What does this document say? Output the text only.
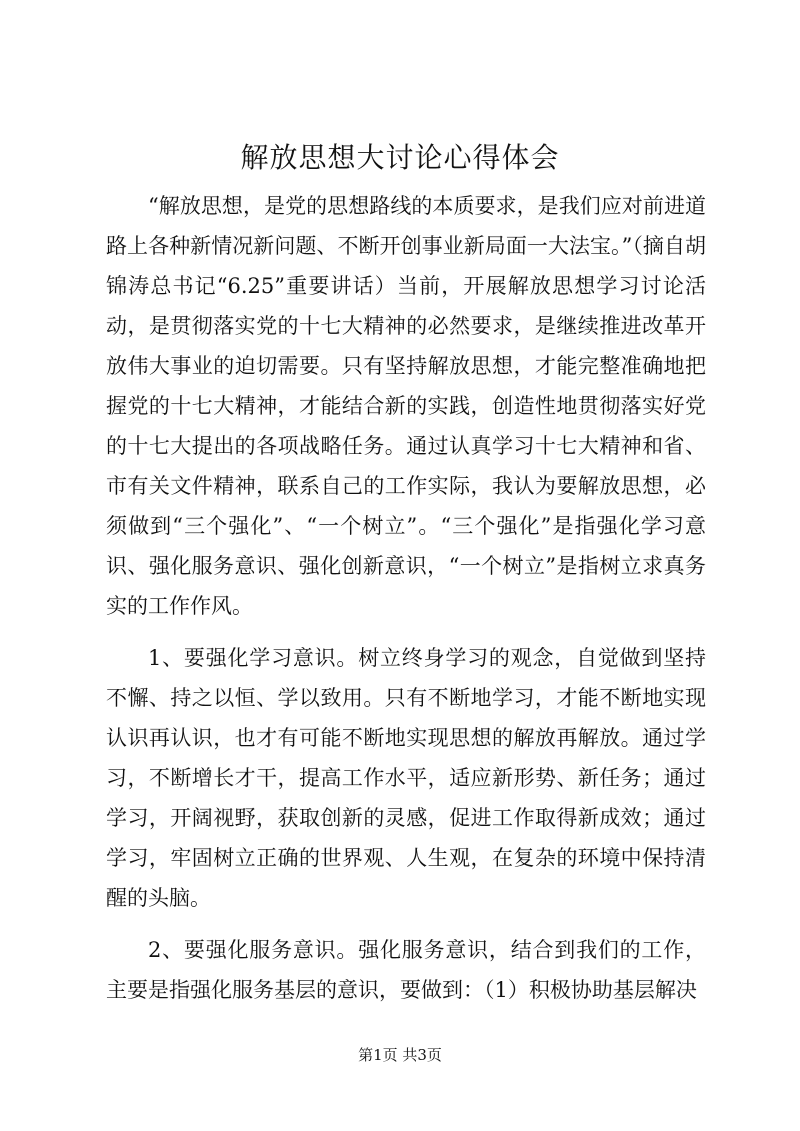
解放思想大讨论心得体会

“解放思想，是党的思想路线的本质要求，是我们应对前进道路上各种新情况新问题、不断开创事业新局面一大法宝。”（摘自胡锦涛总书记“6.25”重要讲话）当前，开展解放思想学习讨论活动，是贯彻落实党的十七大精神的必然要求，是继续推进改革开放伟大事业的迫切需要。只有坚持解放思想，才能完整准确地把握党的十七大精神，才能结合新的实践，创造性地贯彻落实好党的十七大提出的各项战略任务。通过认真学习十七大精神和省、市有关文件精神，联系自己的工作实际，我认为要解放思想，必须做到“三个强化”、“一个树立”。“三个强化”是指强化学习意识、强化服务意识、强化创新意识，“一个树立”是指树立求真务实的工作作风。

1、要强化学习意识。树立终身学习的观念，自觉做到坚持不懈、持之以恒、学以致用。只有不断地学习，才能不断地实现认识再认识，也才有可能不断地实现思想的解放再解放。通过学习，不断增长才干，提高工作水平，适应新形势、新任务；通过学习，开阔视野，获取创新的灵感，促进工作取得新成效；通过学习，牢固树立正确的世界观、人生观，在复杂的环境中保持清醒的头脑。

2、要强化服务意识。强化服务意识，结合到我们的工作，主要是指强化服务基层的意识，要做到：（1）积极协助基层解决

第1页 共3页
